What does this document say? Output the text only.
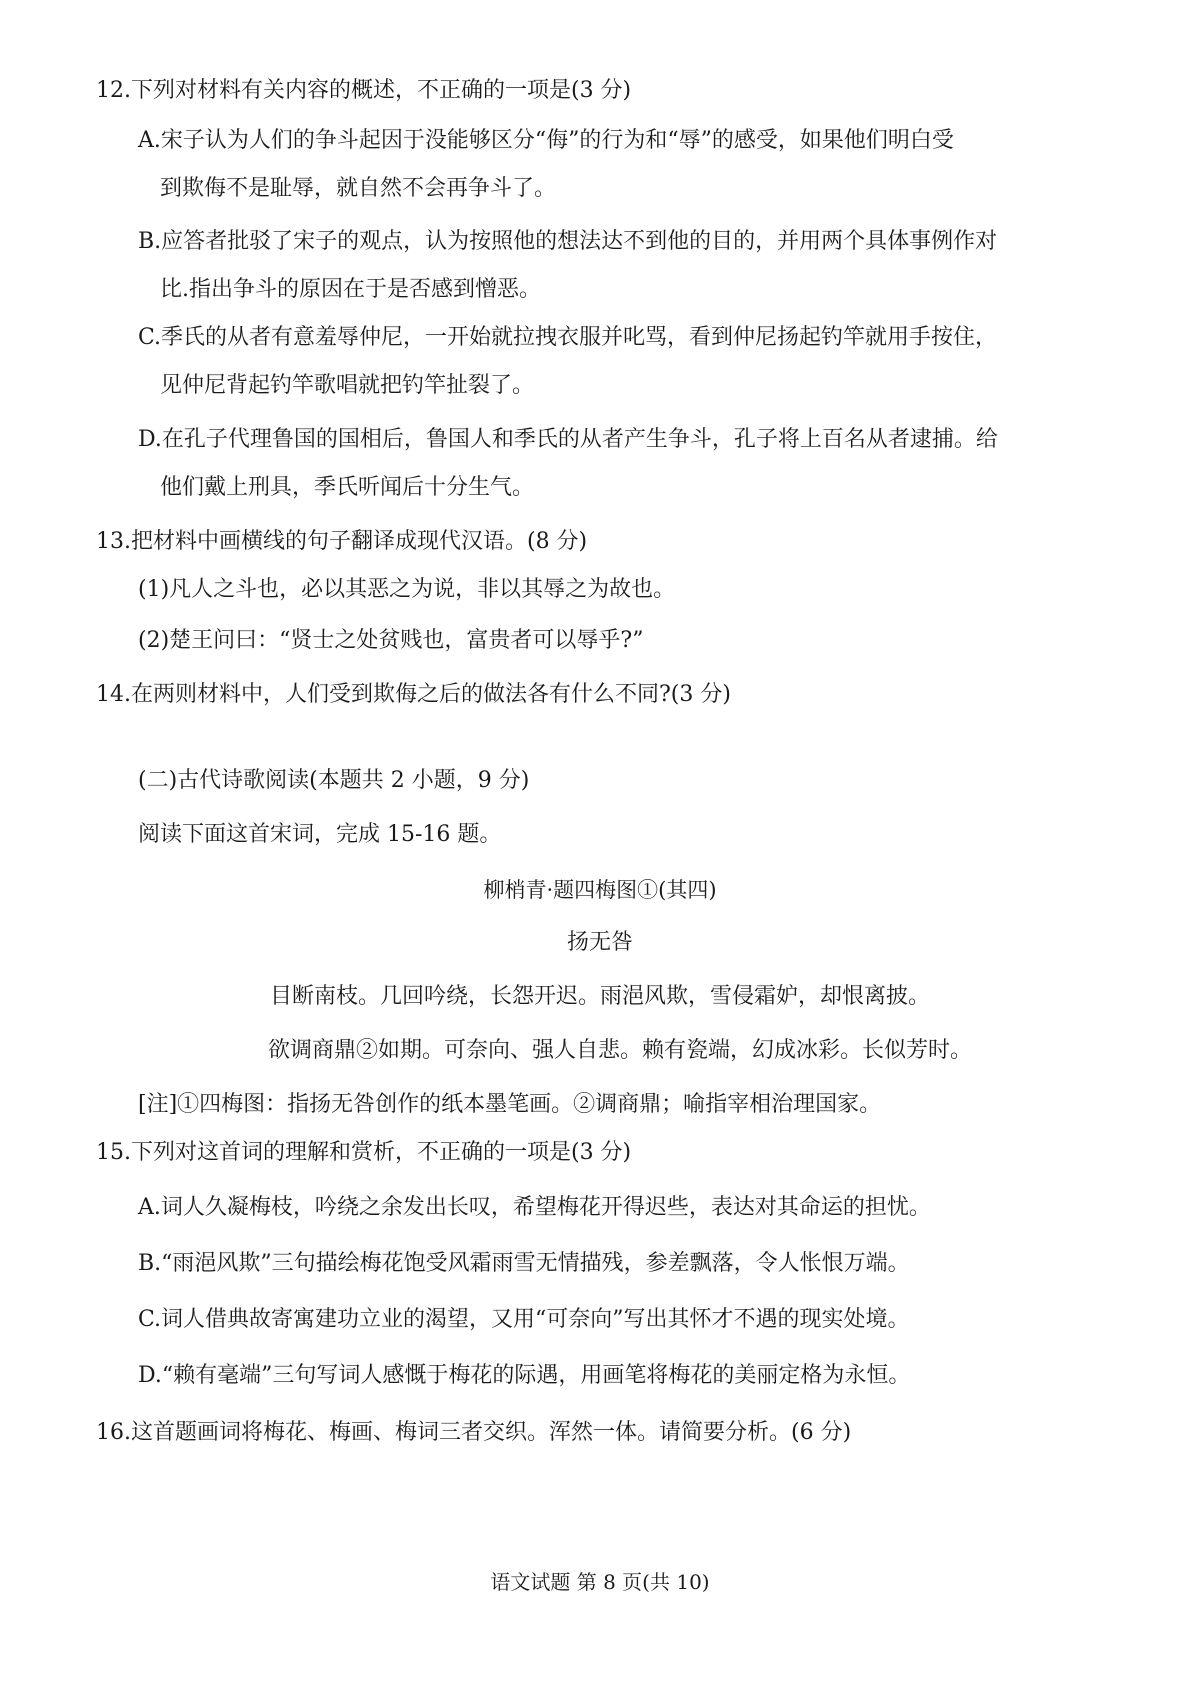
12.下列对材料有关内容的概述，不正确的一项是(3 分)
A.宋子认为人们的争斗起因于没能够区分“侮”的行为和“辱”的感受，如果他们明白受
到欺侮不是耻辱，就自然不会再争斗了。
B.应答者批驳了宋子的观点，认为按照他的想法达不到他的目的，并用两个具体事例作对
比.指出争斗的原因在于是否感到憎恶。
C.季氏的从者有意羞辱仲尼，一开始就拉拽衣服并叱骂，看到仲尼扬起钓竿就用手按住，
见仲尼背起钓竿歌唱就把钓竿扯裂了。
D.在孔子代理鲁国的国相后，鲁国人和季氏的从者产生争斗，孔子将上百名从者逮捕。给
他们戴上刑具，季氏听闻后十分生气。
13.把材料中画横线的句子翻译成现代汉语。(8 分)
(1)凡人之斗也，必以其恶之为说，非以其辱之为故也。
(2)楚王问曰：“贤士之处贫贱也，富贵者可以辱乎?”
14.在两则材料中，人们受到欺侮之后的做法各有什么不同?(3 分)
(二)古代诗歌阅读(本题共 2 小题，9 分)
阅读下面这首宋词，完成 15-16 题。
柳梢青·题四梅图①(其四)
扬无咎
目断南枝。几回吟绕，长怨开迟。雨浥风欺，雪侵霜妒，却恨离披。
欲调商鼎②如期。可奈向、强人自悲。赖有瓷端，幻成冰彩。长似芳时。
[注]①四梅图：指扬无咎创作的纸本墨笔画。②调商鼎；喻指宰相治理国家。
15.下列对这首词的理解和赏析，不正确的一项是(3 分)
A.词人久凝梅枝，吟绕之余发出长叹，希望梅花开得迟些，表达对其命运的担忧。
B.“雨浥风欺”三句描绘梅花饱受风霜雨雪无情描残，参差飘落，令人怅恨万端。
C.词人借典故寄寓建功立业的渴望，又用“可奈向”写出其怀才不遇的现实处境。
D.“赖有毫端”三句写词人感慨于梅花的际遇，用画笔将梅花的美丽定格为永恒。
16.这首题画词将梅花、梅画、梅词三者交织。浑然一体。请简要分析。(6 分)
语文试题 第 8 页(共 10)
